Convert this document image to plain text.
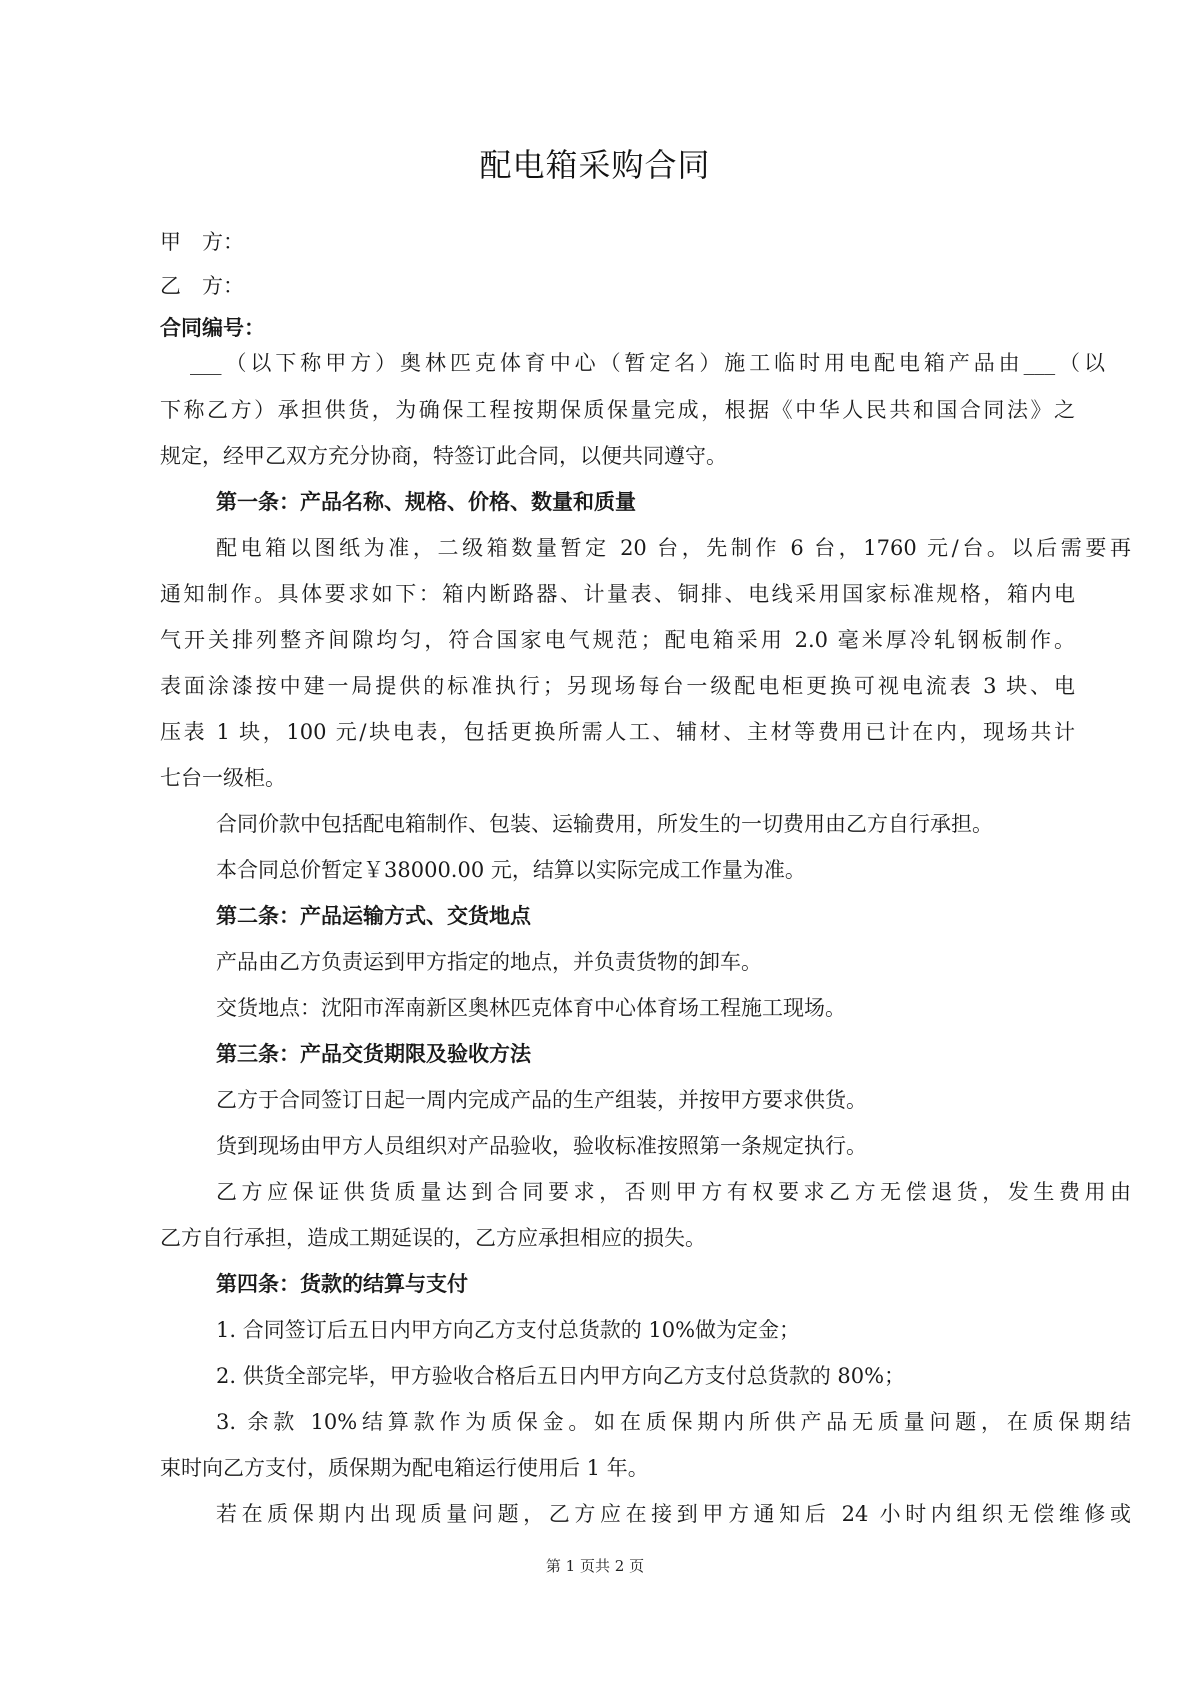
配电箱采购合同
甲　方：
乙　方：
合同编号：
___（以下称甲方）奥林匹克体育中心（暂定名）施工临时用电配电箱产品由___（以
下称乙方）承担供货，为确保工程按期保质保量完成，根据《中华人民共和国合同法》之
规定，经甲乙双方充分协商，特签订此合同，以便共同遵守。
第一条：产品名称、规格、价格、数量和质量
配电箱以图纸为准，二级箱数量暂定 20 台，先制作 6 台，1760 元/台。以后需要再
通知制作。具体要求如下：箱内断路器、计量表、铜排、电线采用国家标准规格，箱内电
气开关排列整齐间隙均匀，符合国家电气规范；配电箱采用 2.0 毫米厚冷轧钢板制作。
表面涂漆按中建一局提供的标准执行；另现场每台一级配电柜更换可视电流表 3 块、电
压表 1 块，100 元/块电表，包括更换所需人工、辅材、主材等费用已计在内，现场共计
七台一级柜。
合同价款中包括配电箱制作、包装、运输费用，所发生的一切费用由乙方自行承担。
本合同总价暂定￥38000.00 元，结算以实际完成工作量为准。
第二条：产品运输方式、交货地点
产品由乙方负责运到甲方指定的地点，并负责货物的卸车。
交货地点：沈阳市浑南新区奥林匹克体育中心体育场工程施工现场。
第三条：产品交货期限及验收方法
乙方于合同签订日起一周内完成产品的生产组装，并按甲方要求供货。
货到现场由甲方人员组织对产品验收，验收标准按照第一条规定执行。
乙方应保证供货质量达到合同要求，否则甲方有权要求乙方无偿退货，发生费用由
乙方自行承担，造成工期延误的，乙方应承担相应的损失。
第四条：货款的结算与支付
1. 合同签订后五日内甲方向乙方支付总货款的 10%做为定金；
2. 供货全部完毕，甲方验收合格后五日内甲方向乙方支付总货款的 80%；
3. 余款 10%结算款作为质保金。如在质保期内所供产品无质量问题，在质保期结
束时向乙方支付，质保期为配电箱运行使用后 1 年。
若在质保期内出现质量问题，乙方应在接到甲方通知后 24 小时内组织无偿维修或
第 1 页共 2 页
